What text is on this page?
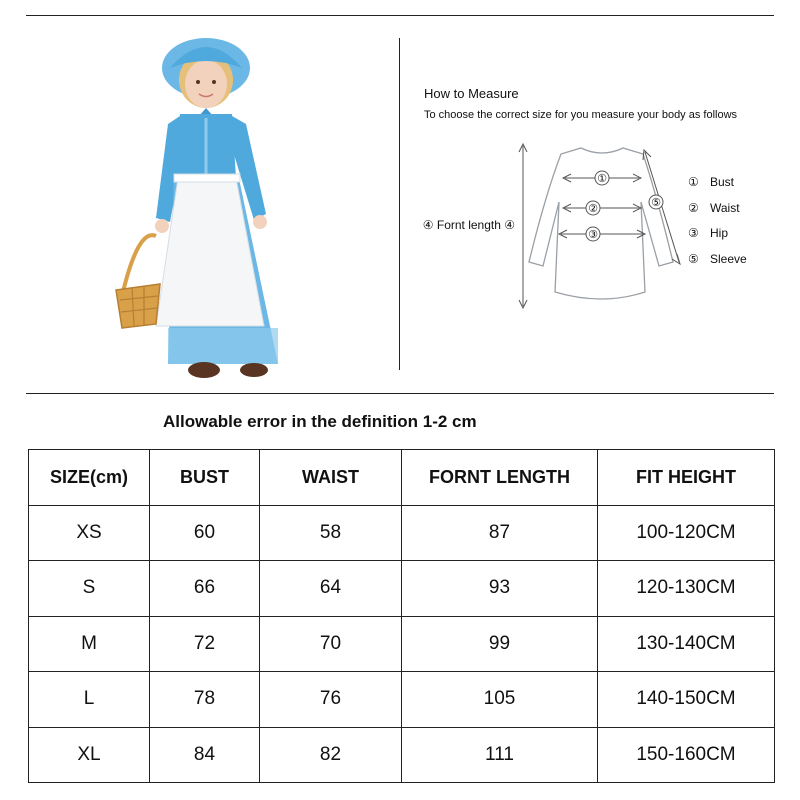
How to Measure
To choose the correct size for you measure your body as follows
④ Fornt length ④
①
②
③
⑤
① Bust
② Waist
③ Hip
⑤ Sleeve
Allowable error in the definition 1-2 cm
SIZE(cm)	BUST	WAIST	FORNT LENGTH	FIT HEIGHT
XS	60	58	87	100-120CM
S	66	64	93	120-130CM
M	72	70	99	130-140CM
L	78	76	105	140-150CM
XL	84	82	111	150-160CM
